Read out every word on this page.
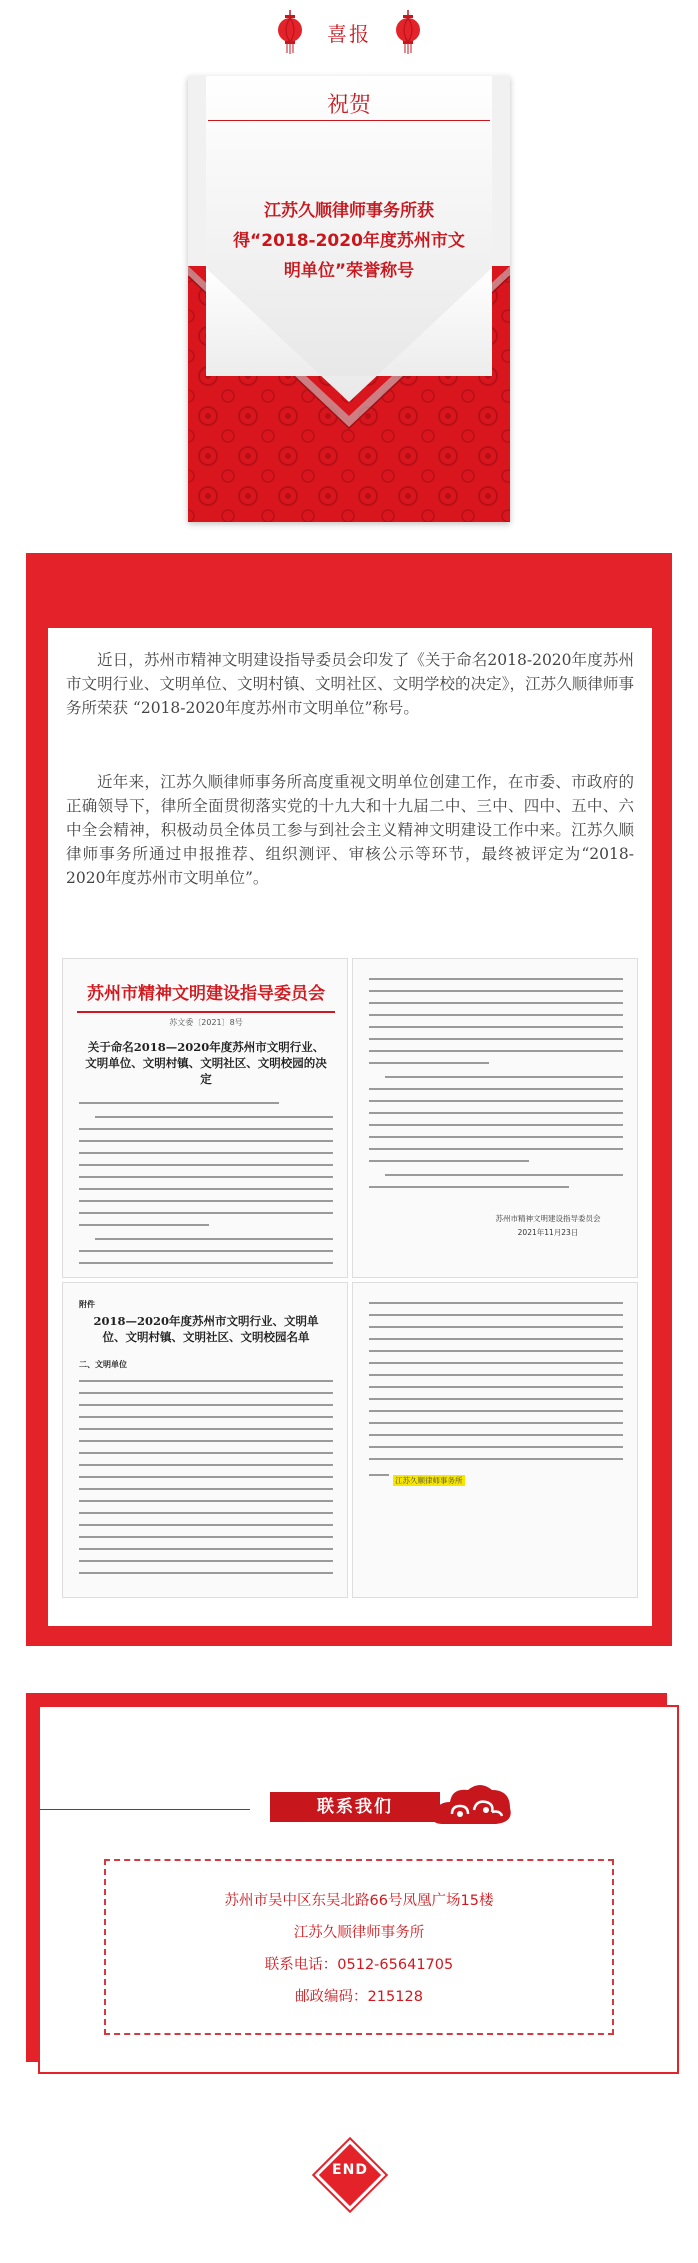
喜报
祝贺
江苏久顺律师事务所获得“2018-2020年度苏州市文明单位”荣誉称号

近日，苏州市精神文明建设指导委员会印发了《关于命名2018-2020年度苏州市文明行业、文明单位、文明村镇、文明社区、文明学校的决定》，江苏久顺律师事务所荣获 “2018-2020年度苏州市文明单位”称号。

近年来，江苏久顺律师事务所高度重视文明单位创建工作，在市委、市政府的正确领导下，律所全面贯彻落实党的十九大和十九届二中、三中、四中、五中、六中全会精神，积极动员全体员工参与到社会主义精神文明建设工作中来。江苏久顺律师事务所通过申报推荐、组织测评、审核公示等环节，最终被评定为“2018-2020年度苏州市文明单位”。

苏州市精神文明建设指导委员会
苏文委〔2021〕8号
关于命名2018—2020年度苏州市文明行业、文明单位、文明村镇、文明社区、文明校园的决定
苏州市精神文明建设指导委员会
2021年11月23日
附件
2018—2020年度苏州市文明行业、文明单位、文明村镇、文明社区、文明校园名单
二、文明单位
江苏久顺律师事务所
联系我们
苏州市吴中区东吴北路66号凤凰广场15楼
江苏久顺律师事务所
联系电话：0512-65641705
邮政编码：215128
END
